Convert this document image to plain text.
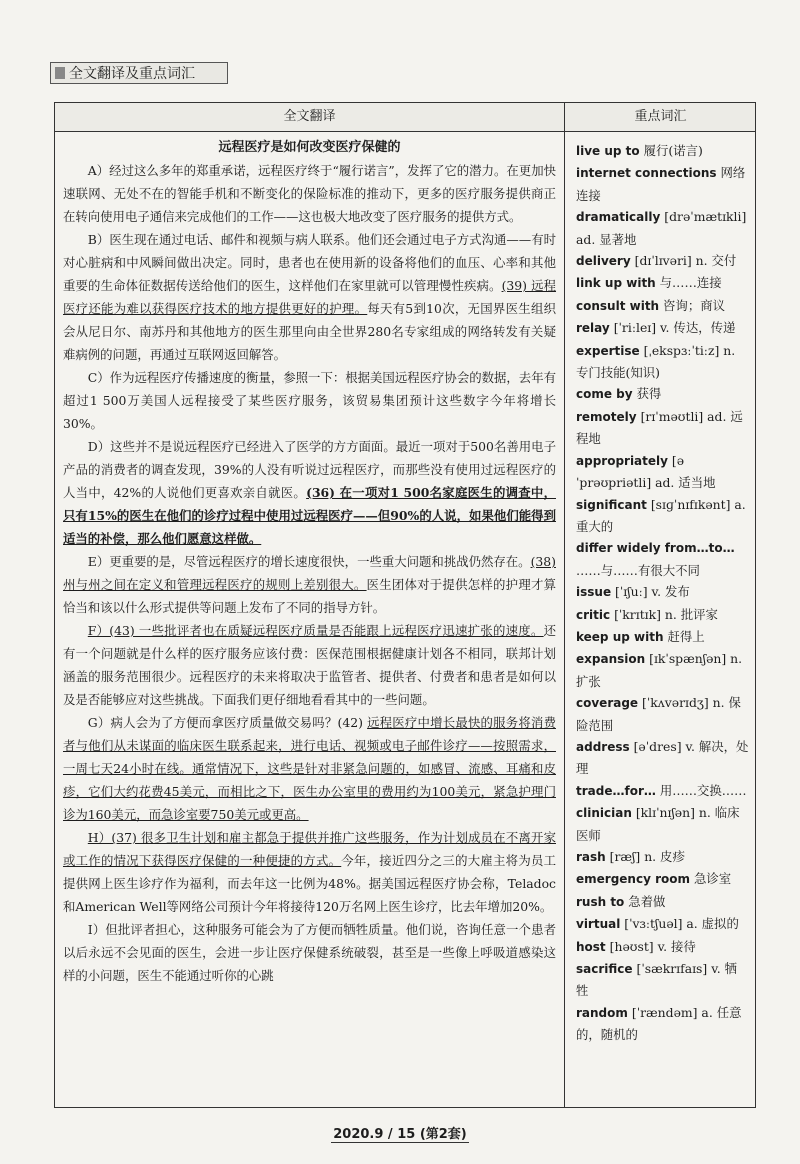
全文翻译及重点词汇
全文翻译	重点词汇
远程医疗是如何改变医疗保健的

A）经过这么多年的郑重承诺，远程医疗终于“履行诺言”，发挥了它的潜力。在更加快速联网、无处不在的智能手机和不断变化的保险标准的推动下，更多的医疗服务提供商正在转向使用电子通信来完成他们的工作——这也极大地改变了医疗服务的提供方式。

B）医生现在通过电话、邮件和视频与病人联系。他们还会通过电子方式沟通——有时对心脏病和中风瞬间做出决定。同时，患者也在使用新的设备将他们的血压、心率和其他重要的生命体征数据传送给他们的医生，这样他们在家里就可以管理慢性疾病。(39) 远程医疗还能为难以获得医疗技术的地方提供更好的护理。每天有5到10次，无国界医生组织会从尼日尔、南苏丹和其他地方的医生那里向由全世界280名专家组成的网络转发有关疑难病例的问题，再通过互联网返回解答。

C）作为远程医疗传播速度的衡量，参照一下：根据美国远程医疗协会的数据，去年有超过1 500万美国人远程接受了某些医疗服务，该贸易集团预计这些数字今年将增长30%。

D）这些并不是说远程医疗已经进入了医学的方方面面。最近一项对于500名善用电子产品的消费者的调查发现，39%的人没有听说过远程医疗，而那些没有使用过远程医疗的人当中，42%的人说他们更喜欢亲自就医。(36) 在一项对1 500名家庭医生的调查中，只有15%的医生在他们的诊疗过程中使用过远程医疗——但90%的人说，如果他们能得到适当的补偿，那么他们愿意这样做。

E）更重要的是，尽管远程医疗的增长速度很快，一些重大问题和挑战仍然存在。(38) 州与州之间在定义和管理远程医疗的规则上差别很大。医生团体对于提供怎样的护理才算恰当和该以什么形式提供等问题上发布了不同的指导方针。

F）(43) 一些批评者也在质疑远程医疗质量是否能跟上远程医疗迅速扩张的速度。还有一个问题就是什么样的医疗服务应该付费：医保范围根据健康计划各不相同，联邦计划涵盖的服务范围很少。远程医疗的未来将取决于监管者、提供者、付费者和患者是如何以及是否能够应对这些挑战。下面我们更仔细地看看其中的一些问题。

G）病人会为了方便而拿医疗质量做交易吗？(42) 远程医疗中增长最快的服务将消费者与他们从未谋面的临床医生联系起来，进行电话、视频或电子邮件诊疗——按照需求，一周七天24小时在线。通常情况下，这些是针对非紧急问题的，如感冒、流感、耳痛和皮疹，它们大约花费45美元，而相比之下，医生办公室里的费用约为100美元，紧急护理门诊为160美元，而急诊室要750美元或更高。

H）(37) 很多卫生计划和雇主都急于提供并推广这些服务，作为计划成员在不离开家或工作的情况下获得医疗保健的一种便捷的方式。今年，接近四分之三的大雇主将为员工提供网上医生诊疗作为福利，而去年这一比例为48%。据美国远程医疗协会称，Teladoc和American Well等网络公司预计今年将接待120万名网上医生诊疗，比去年增加20%。

I）但批评者担心，这种服务可能会为了方便而牺牲质量。他们说，咨询任意一个患者以后永远不会见面的医生，会进一步让医疗保健系统破裂，甚至是一些像上呼吸道感染这样的小问题，医生不能通过听你的心跳

live up to 履行(诺言)
internet connections 网络连接
dramatically [drəˈmætɪkli] ad. 显著地
delivery [dɪˈlɪvəri] n. 交付
link up with 与……连接
consult with 咨询；商议
relay [ˈriːleɪ] v. 传达，传递
expertise [ˌekspɜːˈtiːz] n. 专门技能(知识)
come by 获得
remotely [rɪˈməʊtli] ad. 远程地
appropriately [əˈprəʊpriətli] ad. 适当地
significant [sɪɡˈnɪfɪkənt] a. 重大的
differ widely from…to… ……与……有很大不同
issue [ˈɪʃuː] v. 发布
critic [ˈkrɪtɪk] n. 批评家
keep up with 赶得上
expansion [ɪkˈspænʃən] n. 扩张
coverage [ˈkʌvərɪdʒ] n. 保险范围
address [əˈdres] v. 解决，处理
trade…for… 用……交换……
clinician [klɪˈnɪʃən] n. 临床医师
rash [ræʃ] n. 皮疹
emergency room 急诊室
rush to 急着做
virtual [ˈvɜːtʃuəl] a. 虚拟的
host [həʊst] v. 接待
sacrifice [ˈsækrɪfaɪs] v. 牺牲
random [ˈrændəm] a. 任意的，随机的
2020.9 / 15 (第2套)
